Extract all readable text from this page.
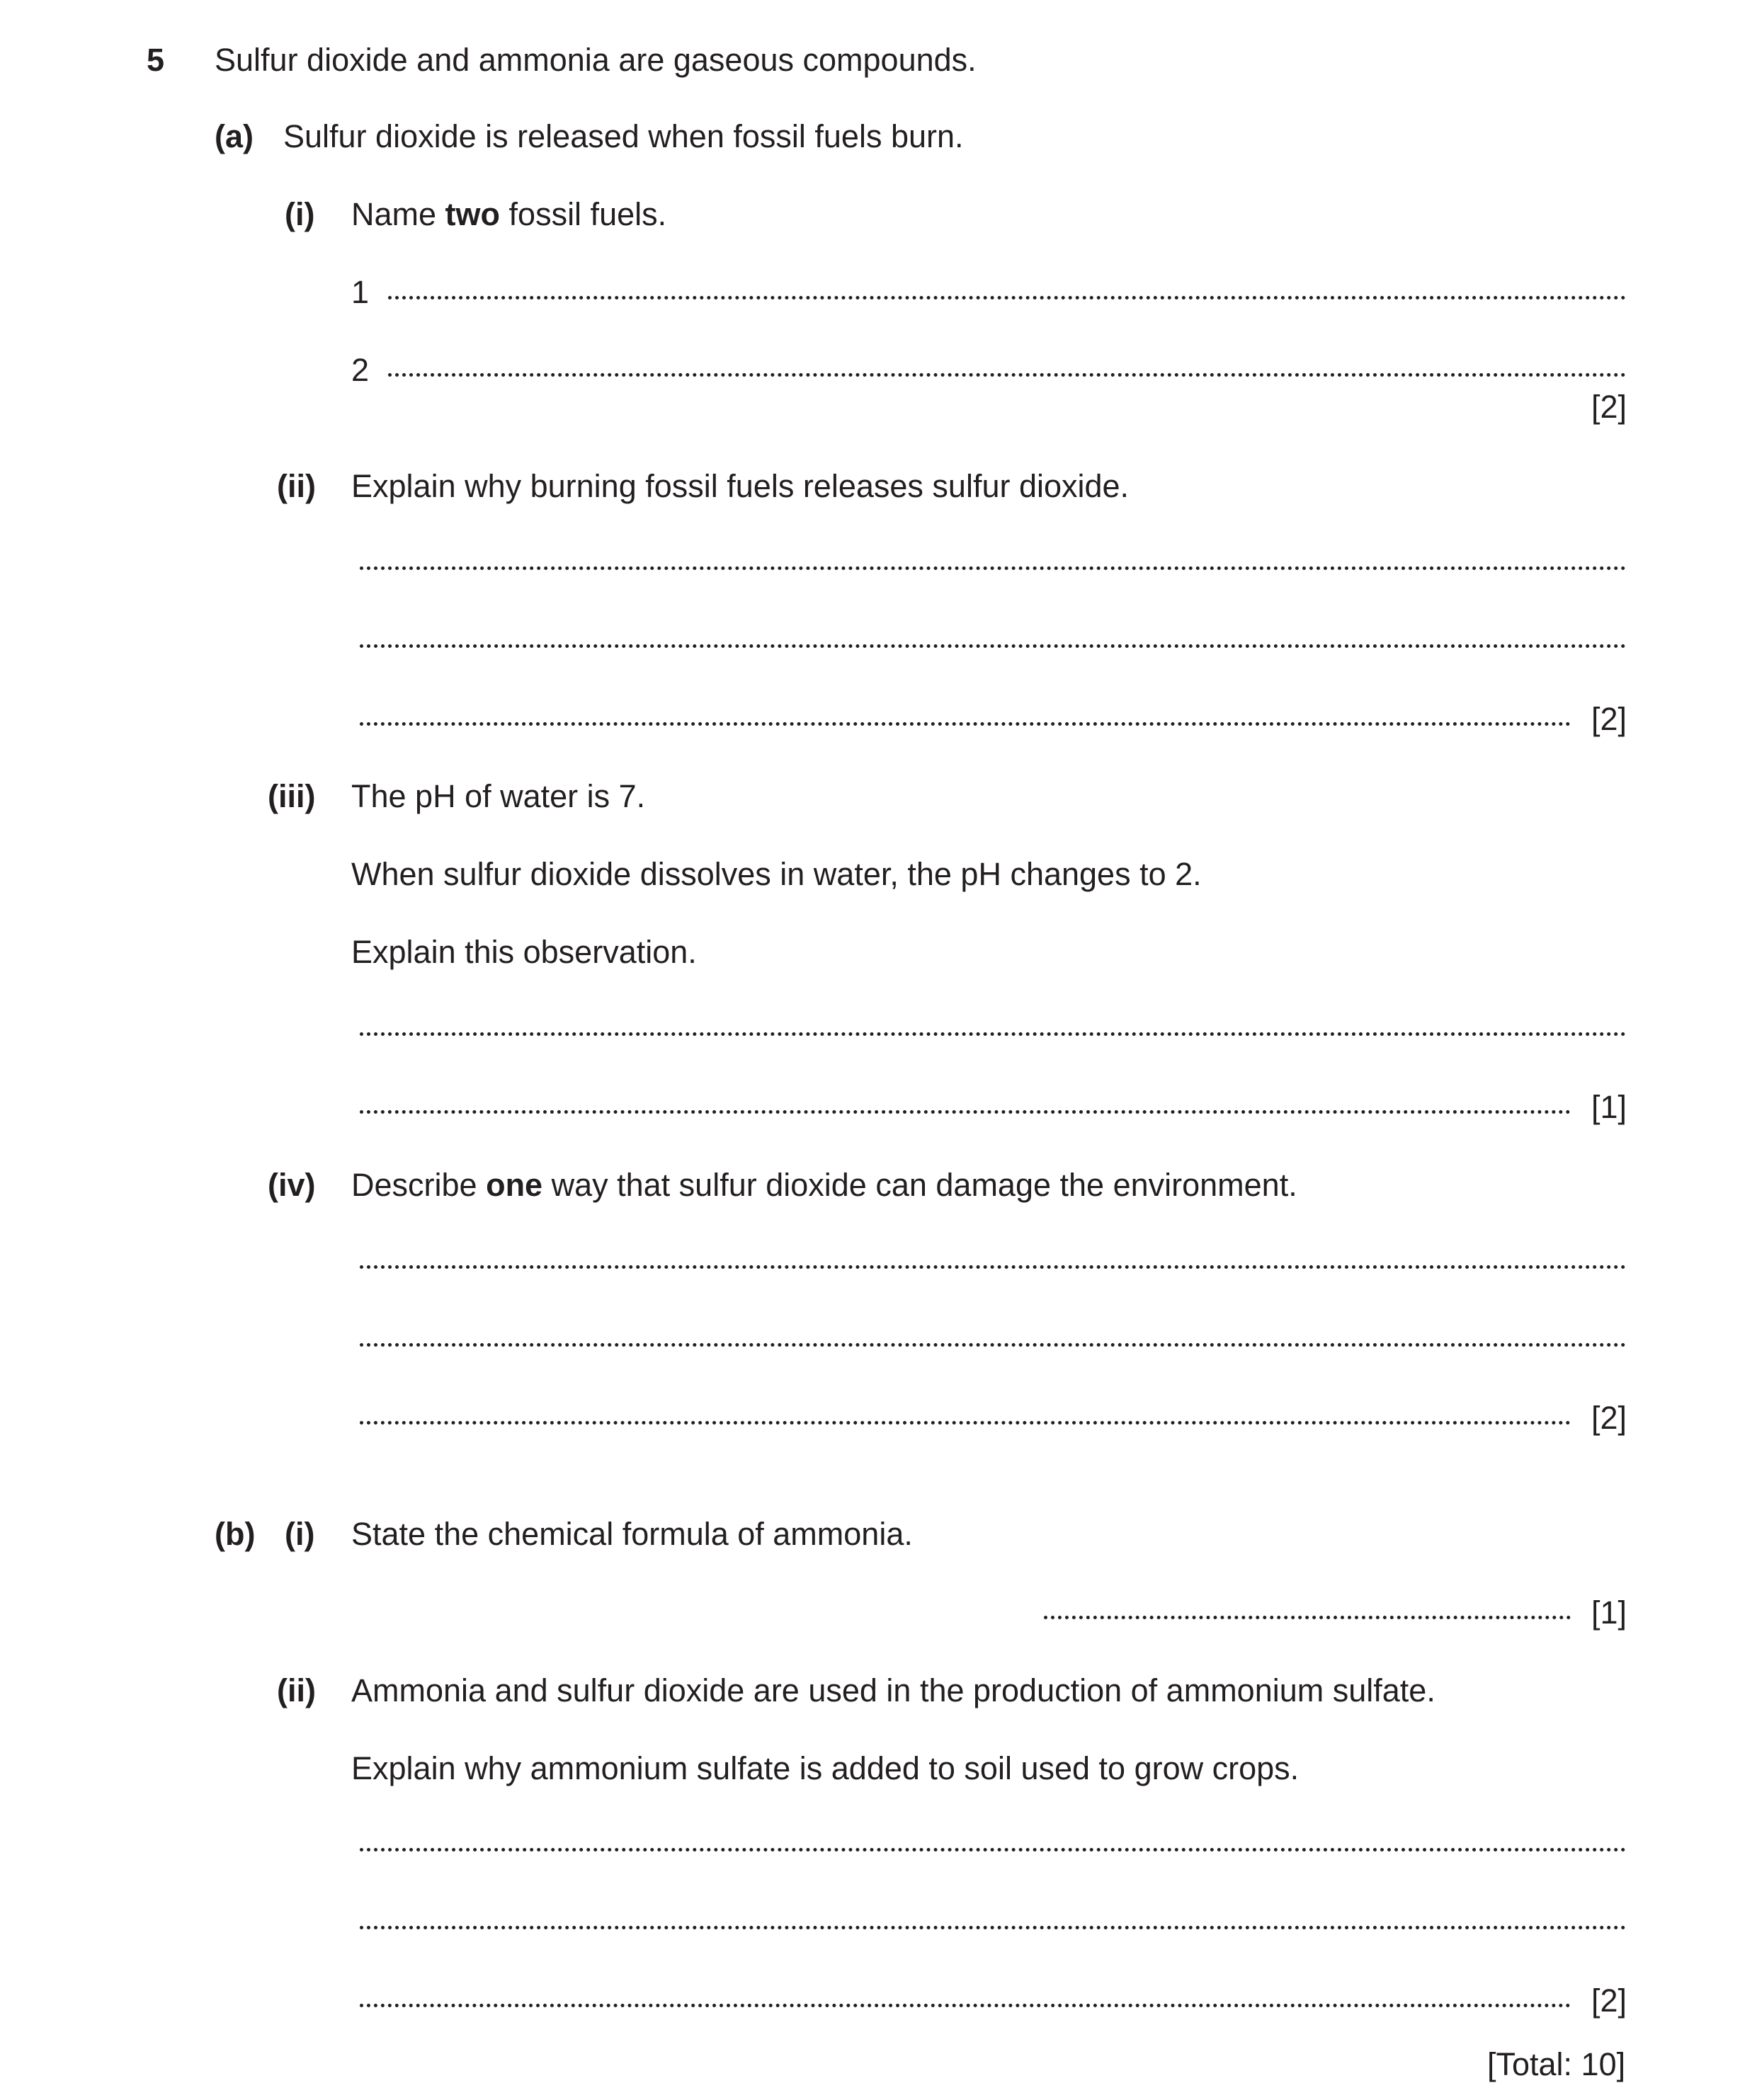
5 Sulfur dioxide and ammonia are gaseous compounds.
(a) Sulfur dioxide is released when fossil fuels burn.
(i) Name two fossil fuels.
1
2
[2]
(ii) Explain why burning fossil fuels releases sulfur dioxide.
[2]
(iii) The pH of water is 7.
When sulfur dioxide dissolves in water, the pH changes to 2.
Explain this observation.
[1]
(iv) Describe one way that sulfur dioxide can damage the environment.
[2]
(b) (i) State the chemical formula of ammonia.
[1]
(ii) Ammonia and sulfur dioxide are used in the production of ammonium sulfate.
Explain why ammonium sulfate is added to soil used to grow crops.
[2]
[Total: 10]
